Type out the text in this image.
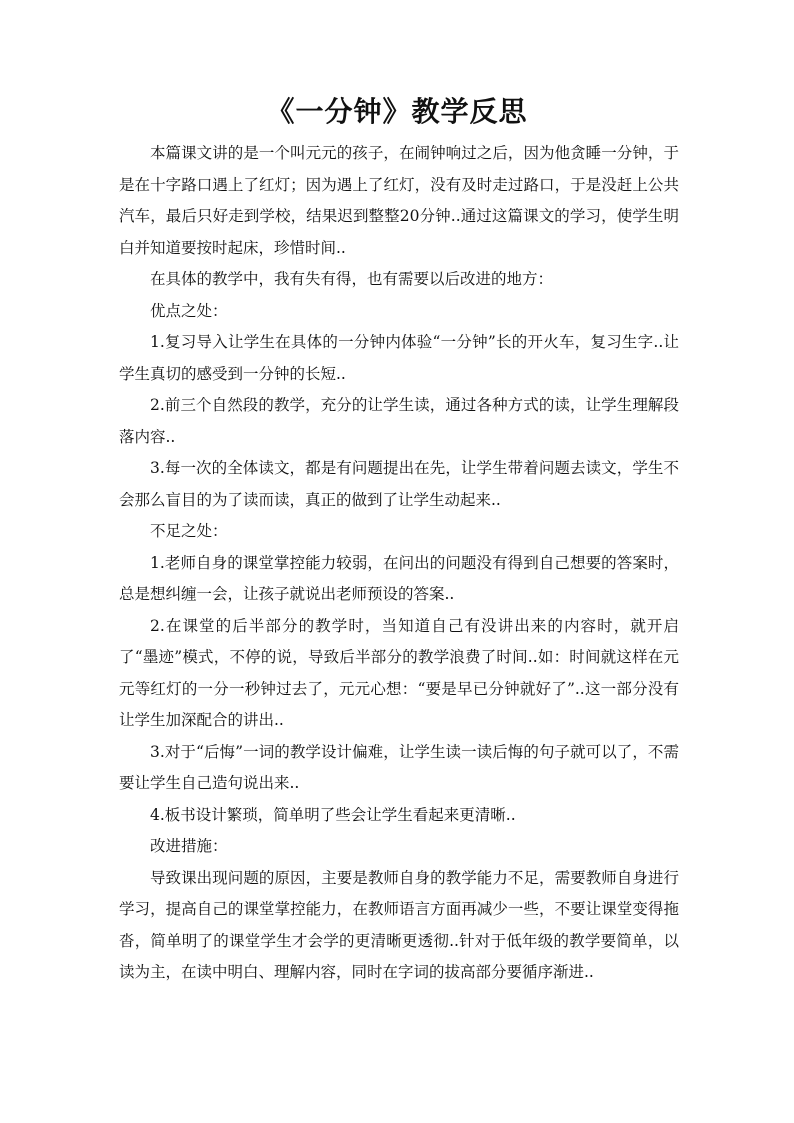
《一分钟》教学反思

本篇课文讲的是一个叫元元的孩子，在闹钟响过之后，因为他贪睡一分钟，于是在十字路口遇上了红灯；因为遇上了红灯，没有及时走过路口，于是没赶上公共汽车，最后只好走到学校，结果迟到整整20分钟..通过这篇课文的学习，使学生明白并知道要按时起床，珍惜时间..

在具体的教学中，我有失有得，也有需要以后改进的地方：

优点之处：

1.复习导入让学生在具体的一分钟内体验“一分钟”长的开火车，复习生字..让学生真切的感受到一分钟的长短..

2.前三个自然段的教学，充分的让学生读，通过各种方式的读，让学生理解段落内容..

3.每一次的全体读文，都是有问题提出在先，让学生带着问题去读文，学生不会那么盲目的为了读而读，真正的做到了让学生动起来..

不足之处：

1.老师自身的课堂掌控能力较弱，在问出的问题没有得到自己想要的答案时，总是想纠缠一会，让孩子就说出老师预设的答案..

2.在课堂的后半部分的教学时，当知道自己有没讲出来的内容时，就开启了“墨迹”模式，不停的说，导致后半部分的教学浪费了时间..如：时间就这样在元元等红灯的一分一秒钟过去了，元元心想：“要是早已分钟就好了”..这一部分没有让学生加深配合的讲出..

3.对于“后悔”一词的教学设计偏难，让学生读一读后悔的句子就可以了，不需要让学生自己造句说出来..

4.板书设计繁琐，简单明了些会让学生看起来更清晰..

改进措施：

导致课出现问题的原因，主要是教师自身的教学能力不足，需要教师自身进行学习，提高自己的课堂掌控能力，在教师语言方面再减少一些，不要让课堂变得拖沓，简单明了的课堂学生才会学的更清晰更透彻..针对于低年级的教学要简单，以读为主，在读中明白、理解内容，同时在字词的拔高部分要循序渐进..
